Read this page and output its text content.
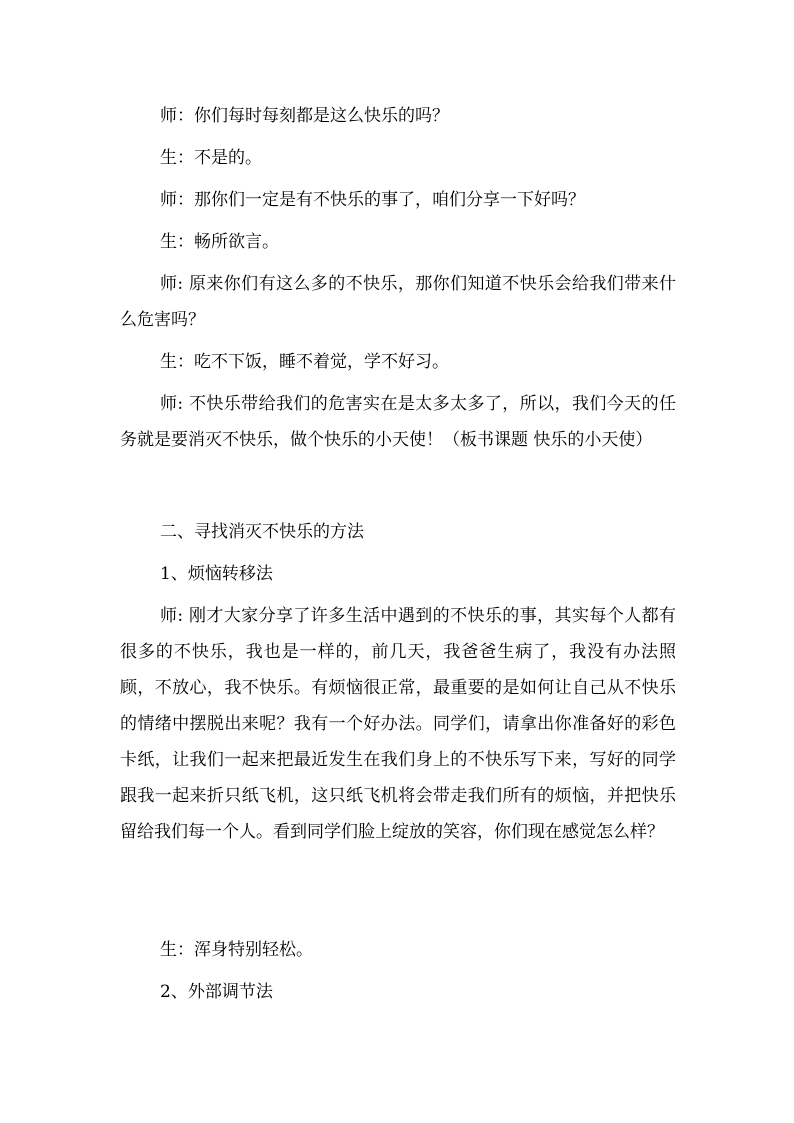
师：你们每时每刻都是这么快乐的吗？

生：不是的。

师：那你们一定是有不快乐的事了，咱们分享一下好吗？

生：畅所欲言。

师: 原来你们有这么多的不快乐，那你们知道不快乐会给我们带来什么危害吗？

生：吃不下饭，睡不着觉，学不好习。

师: 不快乐带给我们的危害实在是太多太多了，所以，我们今天的任务就是要消灭不快乐，做个快乐的小天使！（板书课题 快乐的小天使）

二、寻找消灭不快乐的方法

1、烦恼转移法

师: 刚才大家分享了许多生活中遇到的不快乐的事，其实每个人都有很多的不快乐，我也是一样的，前几天，我爸爸生病了，我没有办法照顾，不放心，我不快乐。有烦恼很正常，最重要的是如何让自己从不快乐的情绪中摆脱出来呢？我有一个好办法。同学们，请拿出你准备好的彩色卡纸，让我们一起来把最近发生在我们身上的不快乐写下来，写好的同学跟我一起来折只纸飞机，这只纸飞机将会带走我们所有的烦恼，并把快乐留给我们每一个人。看到同学们脸上绽放的笑容，你们现在感觉怎么样？

生：浑身特别轻松。

2、外部调节法
